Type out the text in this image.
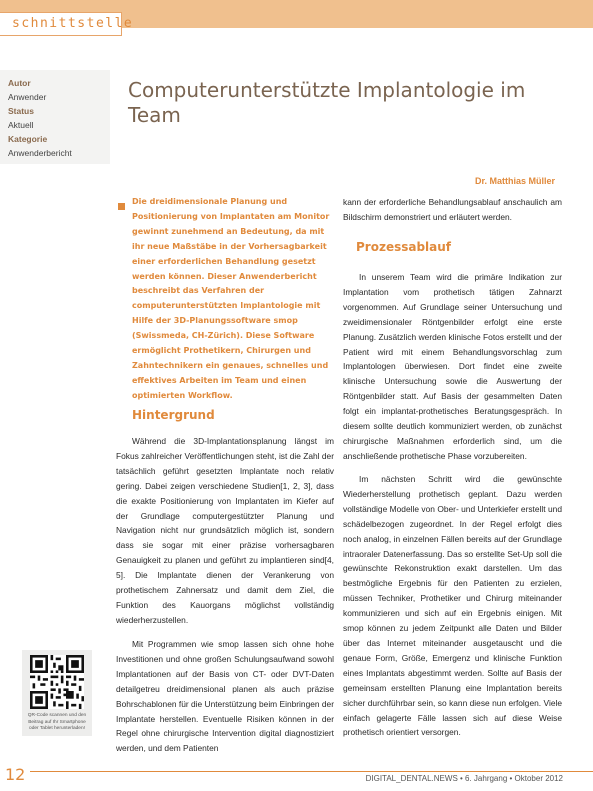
schnittstelle
Autor
Anwender
Status
Aktuell
Kategorie
Anwenderbericht
Computerunterstützte Implantologie im Team
Dr. Matthias Müller
Die dreidimensionale Planung und Positionierung von Implantaten am Monitor gewinnt zunehmend an Bedeutung, da mit ihr neue Maßstäbe in der Vorhersagbarkeit einer erforderlichen Behandlung gesetzt werden können. Dieser Anwenderbericht beschreibt das Verfahren der computerunterstützten Implantologie mit Hilfe der 3D-Planungssoftware smop (Swissmeda, CH-Zürich). Diese Software ermöglicht Prothetikern, Chirurgen und Zahntechnikern ein genaues, schnelles und effektives Arbeiten im Team und einen optimierten Workflow.
Hintergrund
Während die 3D-Implantationsplanung längst im Fokus zahlreicher Veröffentlichungen steht, ist die Zahl der tatsächlich geführt gesetzten Implantate noch relativ gering. Dabei zeigen verschiedene Studien[1, 2, 3], dass die exakte Positionierung von Implantaten im Kiefer auf der Grundlage computergestützter Planung und Navigation nicht nur grundsätzlich möglich ist, sondern dass sie sogar mit einer präzise vorhersagbaren Genauigkeit zu planen und geführt zu implantieren sind[4, 5]. Die Implantate dienen der Verankerung von prothetischem Zahnersatz und damit dem Ziel, die Funktion des Kauorgans möglichst vollständig wiederherzustellen.
Mit Programmen wie smop lassen sich ohne hohe Investitionen und ohne großen Schulungsaufwand sowohl Implantationen auf der Basis von CT- oder DVT-Daten detailgetreu dreidimensional planen als auch präzise Bohrschablonen für die Unterstützung beim Einbringen der Implantate herstellen. Eventuelle Risiken können in der Regel ohne chirurgische Intervention digital diagnostiziert werden, und dem Patienten
kann der erforderliche Behandlungsablauf anschaulich am Bildschirm demonstriert und erläutert werden.
Prozessablauf
In unserem Team wird die primäre Indikation zur Implantation vom prothetisch tätigen Zahnarzt vorgenommen. Auf Grundlage seiner Untersuchung und zweidimensionaler Röntgenbilder erfolgt eine erste Planung. Zusätzlich werden klinische Fotos erstellt und der Patient wird mit einem Behandlungsvorschlag zum Implantologen überwiesen. Dort findet eine zweite klinische Untersuchung sowie die Auswertung der Röntgenbilder statt. Auf Basis der gesammelten Daten folgt ein implantat-prothetisches Beratungsgespräch. In diesem sollte deutlich kommuniziert werden, ob zunächst chirurgische Maßnahmen erforderlich sind, um die anschließende prothetische Phase vorzubereiten.
Im nächsten Schritt wird die gewünschte Wiederherstellung prothetisch geplant. Dazu werden vollständige Modelle von Ober- und Unterkiefer erstellt und schädelbezogen zugeordnet. In der Regel erfolgt dies noch analog, in einzelnen Fällen bereits auf der Grundlage intraoraler Datenerfassung. Das so erstellte Set-Up soll die gewünschte Rekonstruktion exakt darstellen. Um das bestmögliche Ergebnis für den Patienten zu erzielen, müssen Techniker, Prothetiker und Chirurg miteinander kommunizieren und sich auf ein Ergebnis einigen. Mit smop können zu jedem Zeitpunkt alle Daten und Bilder über das Internet miteinander ausgetauscht und die genaue Form, Größe, Emergenz und klinische Funktion eines Implantats abgestimmt werden. Sollte auf Basis der gemeinsam erstellten Planung eine Implantation bereits sicher durchführbar sein, so kann diese nun erfolgen. Viele einfach gelagerte Fälle lassen sich auf diese Weise prothetisch orientiert versorgen.
QR-Code scannen und den Beitrag auf Ihr Smartphone oder Tablet herunterladen!
12	DIGITAL_DENTAL.NEWS • 6. Jahrgang • Oktober 2012
